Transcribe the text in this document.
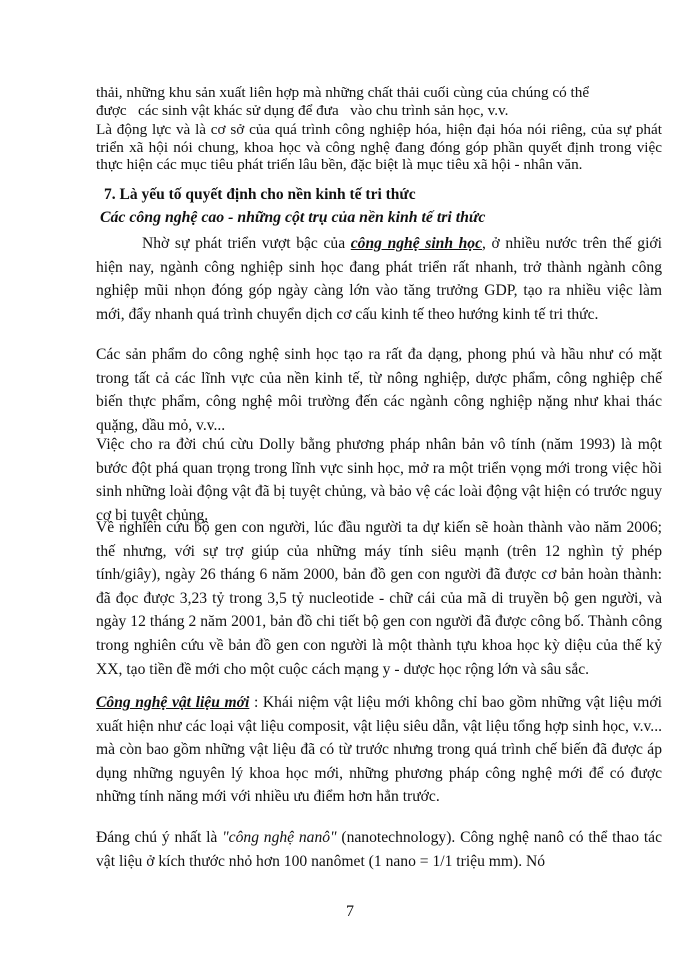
thải, những khu sản xuất liên hợp mà những chất thải cuối cùng của chúng có thể
được   các sinh vật khác sử dụng để đưa   vào chu trình sản học, v.v.

Là động lực và là cơ sở của quá trình công nghiệp hóa, hiện đại hóa nói riêng, của sự phát triển xã hội nói chung, khoa học và công nghệ đang đóng góp phần quyết định trong việc thực hiện các mục tiêu phát triển lâu bền, đặc biệt là mục tiêu xã hội - nhân văn.

7. Là yếu tố quyết định cho nền kinh tế tri thức

Các công nghệ cao - những cột trụ của nền kinh tế tri thức

Nhờ sự phát triển vượt bậc của công nghệ sinh học, ở nhiều nước trên thế giới hiện nay, ngành công nghiệp sinh học đang phát triển rất nhanh, trở thành ngành công nghiệp mũi nhọn đóng góp ngày càng lớn vào tăng trưởng GDP, tạo ra nhiều việc làm mới, đẩy nhanh quá trình chuyển dịch cơ cấu kinh tế theo hướng kinh tế tri thức.

Các sản phẩm do công nghệ sinh học tạo ra rất đa dạng, phong phú và hầu như có mặt trong tất cả các lĩnh vực của nền kinh tế, từ nông nghiệp, dược phẩm, công nghiệp chế biến thực phẩm, công nghệ môi trường đến các ngành công nghiệp nặng như khai thác quặng, dầu mỏ, v.v...

Việc cho ra đời chú cừu Dolly bằng phương pháp nhân bản vô tính (năm 1993) là một bước đột phá quan trọng trong lĩnh vực sinh học, mở ra một triển vọng mới trong việc hồi sinh những loài động vật đã bị tuyệt chủng, và bảo vệ các loài động vật hiện có trước nguy cơ bị tuyệt chủng.

Về nghiên cứu bộ gen con người, lúc đầu người ta dự kiến sẽ hoàn thành vào năm 2006; thế nhưng, với sự trợ giúp của những máy tính siêu mạnh (trên 12 nghìn tỷ phép tính/giây), ngày 26 tháng 6 năm 2000, bản đồ gen con người đã được cơ bản hoàn thành: đã đọc được 3,23 tỷ trong 3,5 tỷ nucleotide - chữ cái của mã di truyền bộ gen người, và ngày 12 tháng 2 năm 2001, bản đồ chi tiết bộ gen con người đã được công bố. Thành công trong nghiên cứu về bản đồ gen con người là một thành tựu khoa học kỳ diệu của thế kỷ XX, tạo tiền đề mới cho một cuộc cách mạng y - dược học rộng lớn và sâu sắc.

Công nghệ vật liệu mới : Khái niệm vật liệu mới không chỉ bao gồm những vật liệu mới xuất hiện như các loại vật liệu composit, vật liệu siêu dẫn, vật liệu tổng hợp sinh học, v.v... mà còn bao gồm những vật liệu đã có từ trước nhưng trong quá trình chế biến đã được áp dụng những nguyên lý khoa học mới, những phương pháp công nghệ mới để có được những tính năng mới với nhiều ưu điểm hơn hẳn trước.

Đáng chú ý nhất là "công nghệ nanô" (nanotechnology). Công nghệ nanô có thể thao tác vật liệu ở kích thước nhỏ hơn 100 nanômet (1 nano = 1/1 triệu mm). Nó

7
